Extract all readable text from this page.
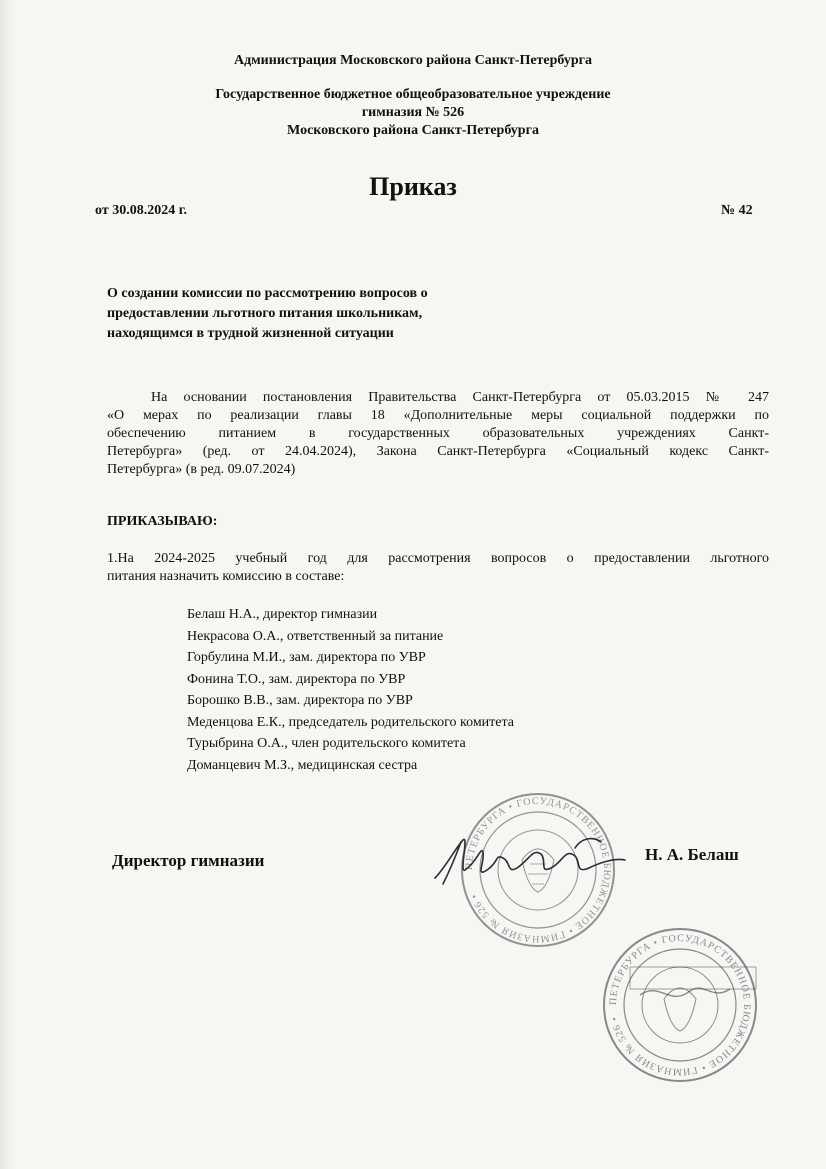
Администрация Московского района Санкт-Петербурга
Государственное бюджетное общеобразовательное учреждение
гимназия № 526
Московского района Санкт-Петербурга
Приказ
от 30.08.2024 г.	№ 42
О создании комиссии по рассмотрению вопросов о
предоставлении льготного питания школьникам,
находящимся в трудной жизненной ситуации
На основании постановления Правительства Санкт-Петербурга от 05.03.2015 № 247
«О мерах по реализации главы 18 «Дополнительные меры социальной поддержки по
обеспечению питанием в государственных образовательных учреждениях Санкт-
Петербурга» (ред. от 24.04.2024), Закона Санкт-Петербурга «Социальный кодекс Санкт-
Петербурга» (в ред. 09.07.2024)
ПРИКАЗЫВАЮ:
1.На 2024-2025 учебный год для рассмотрения вопросов о предоставлении льготного
питания назначить комиссию в составе:
Белаш Н.А., директор гимназии
Некрасова О.А., ответственный за питание
Горбулина М.И., зам. директора по УВР
Фонина Т.О., зам. директора по УВР
Борошко В.В., зам. директора по УВР
Меденцова Е.К., председатель родительского комитета
Турыбрина О.А., член родительского комитета
Доманцевич М.З., медицинская сестра
Директор гимназии	Н. А. Белаш
ПЕТЕРБУРГА • ГОСУДАРСТВЕННОЕ БЮДЖЕТНОЕ • ГИМНАЗИЯ № 526 •
ПЕТЕРБУРГА • ГОСУДАРСТВЕННОЕ БЮДЖЕТНОЕ • ГИМНАЗИЯ № 526 •
